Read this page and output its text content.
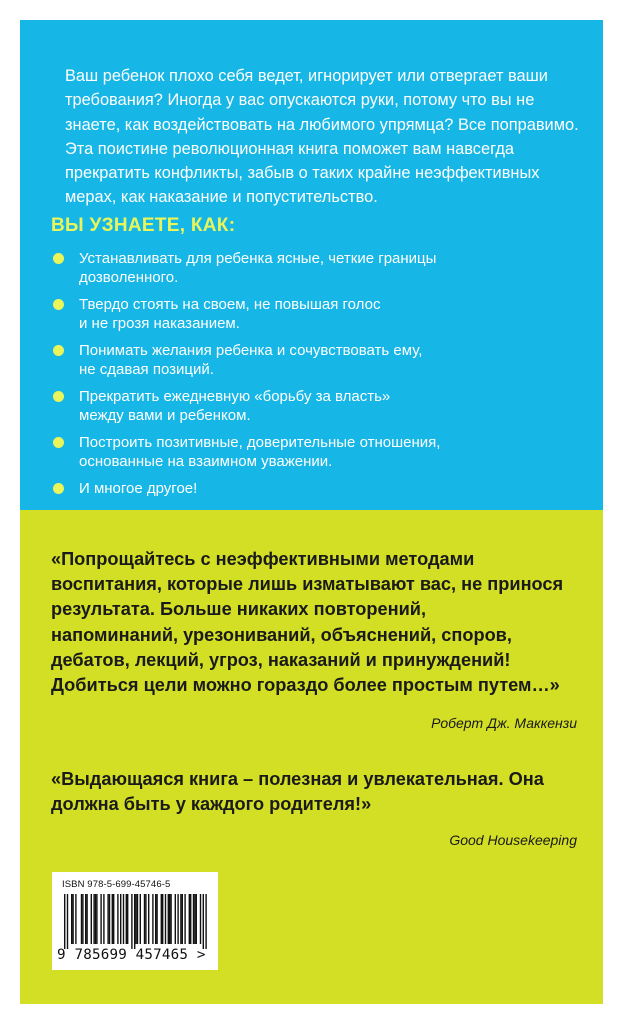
Ваш ребенок плохо себя ведет, игнорирует или отвергает ваши требования? Иногда у вас опускаются руки, потому что вы не знаете, как воздействовать на любимого упрямца? Все поправимо. Эта поистине революционная книга поможет вам навсегда прекратить конфликты, забыв о таких крайне неэффективных мерах, как наказание и попустительство.

ВЫ УЗНАЕТЕ, КАК:
Устанавливать для ребенка ясные, четкие границы
дозволенного.
Твердо стоять на своем, не повышая голос
и не грозя наказанием.
Понимать желания ребенка и сочувствовать ему,
не сдавая позиций.
Прекратить ежедневную «борьбу за власть»
между вами и ребенком.
Построить позитивные, доверительные отношения,
основанные на взаимном уважении.
И многое другое!

«Попрощайтесь с неэффективными методами
воспитания, которые лишь изматывают вас, не принося
результата. Больше никаких повторений,
напоминаний, урезониваний, объяснений, споров,
дебатов, лекций, угроз, наказаний и принуждений!
Добиться цели можно гораздо более простым путем…»

Роберт Дж. Маккензи

«Выдающаяся книга – полезная и увлекательная. Она
должна быть у каждого родителя!»

Good Housekeeping

ISBN 978-5-699-45746-5
9 785699 457465 >
